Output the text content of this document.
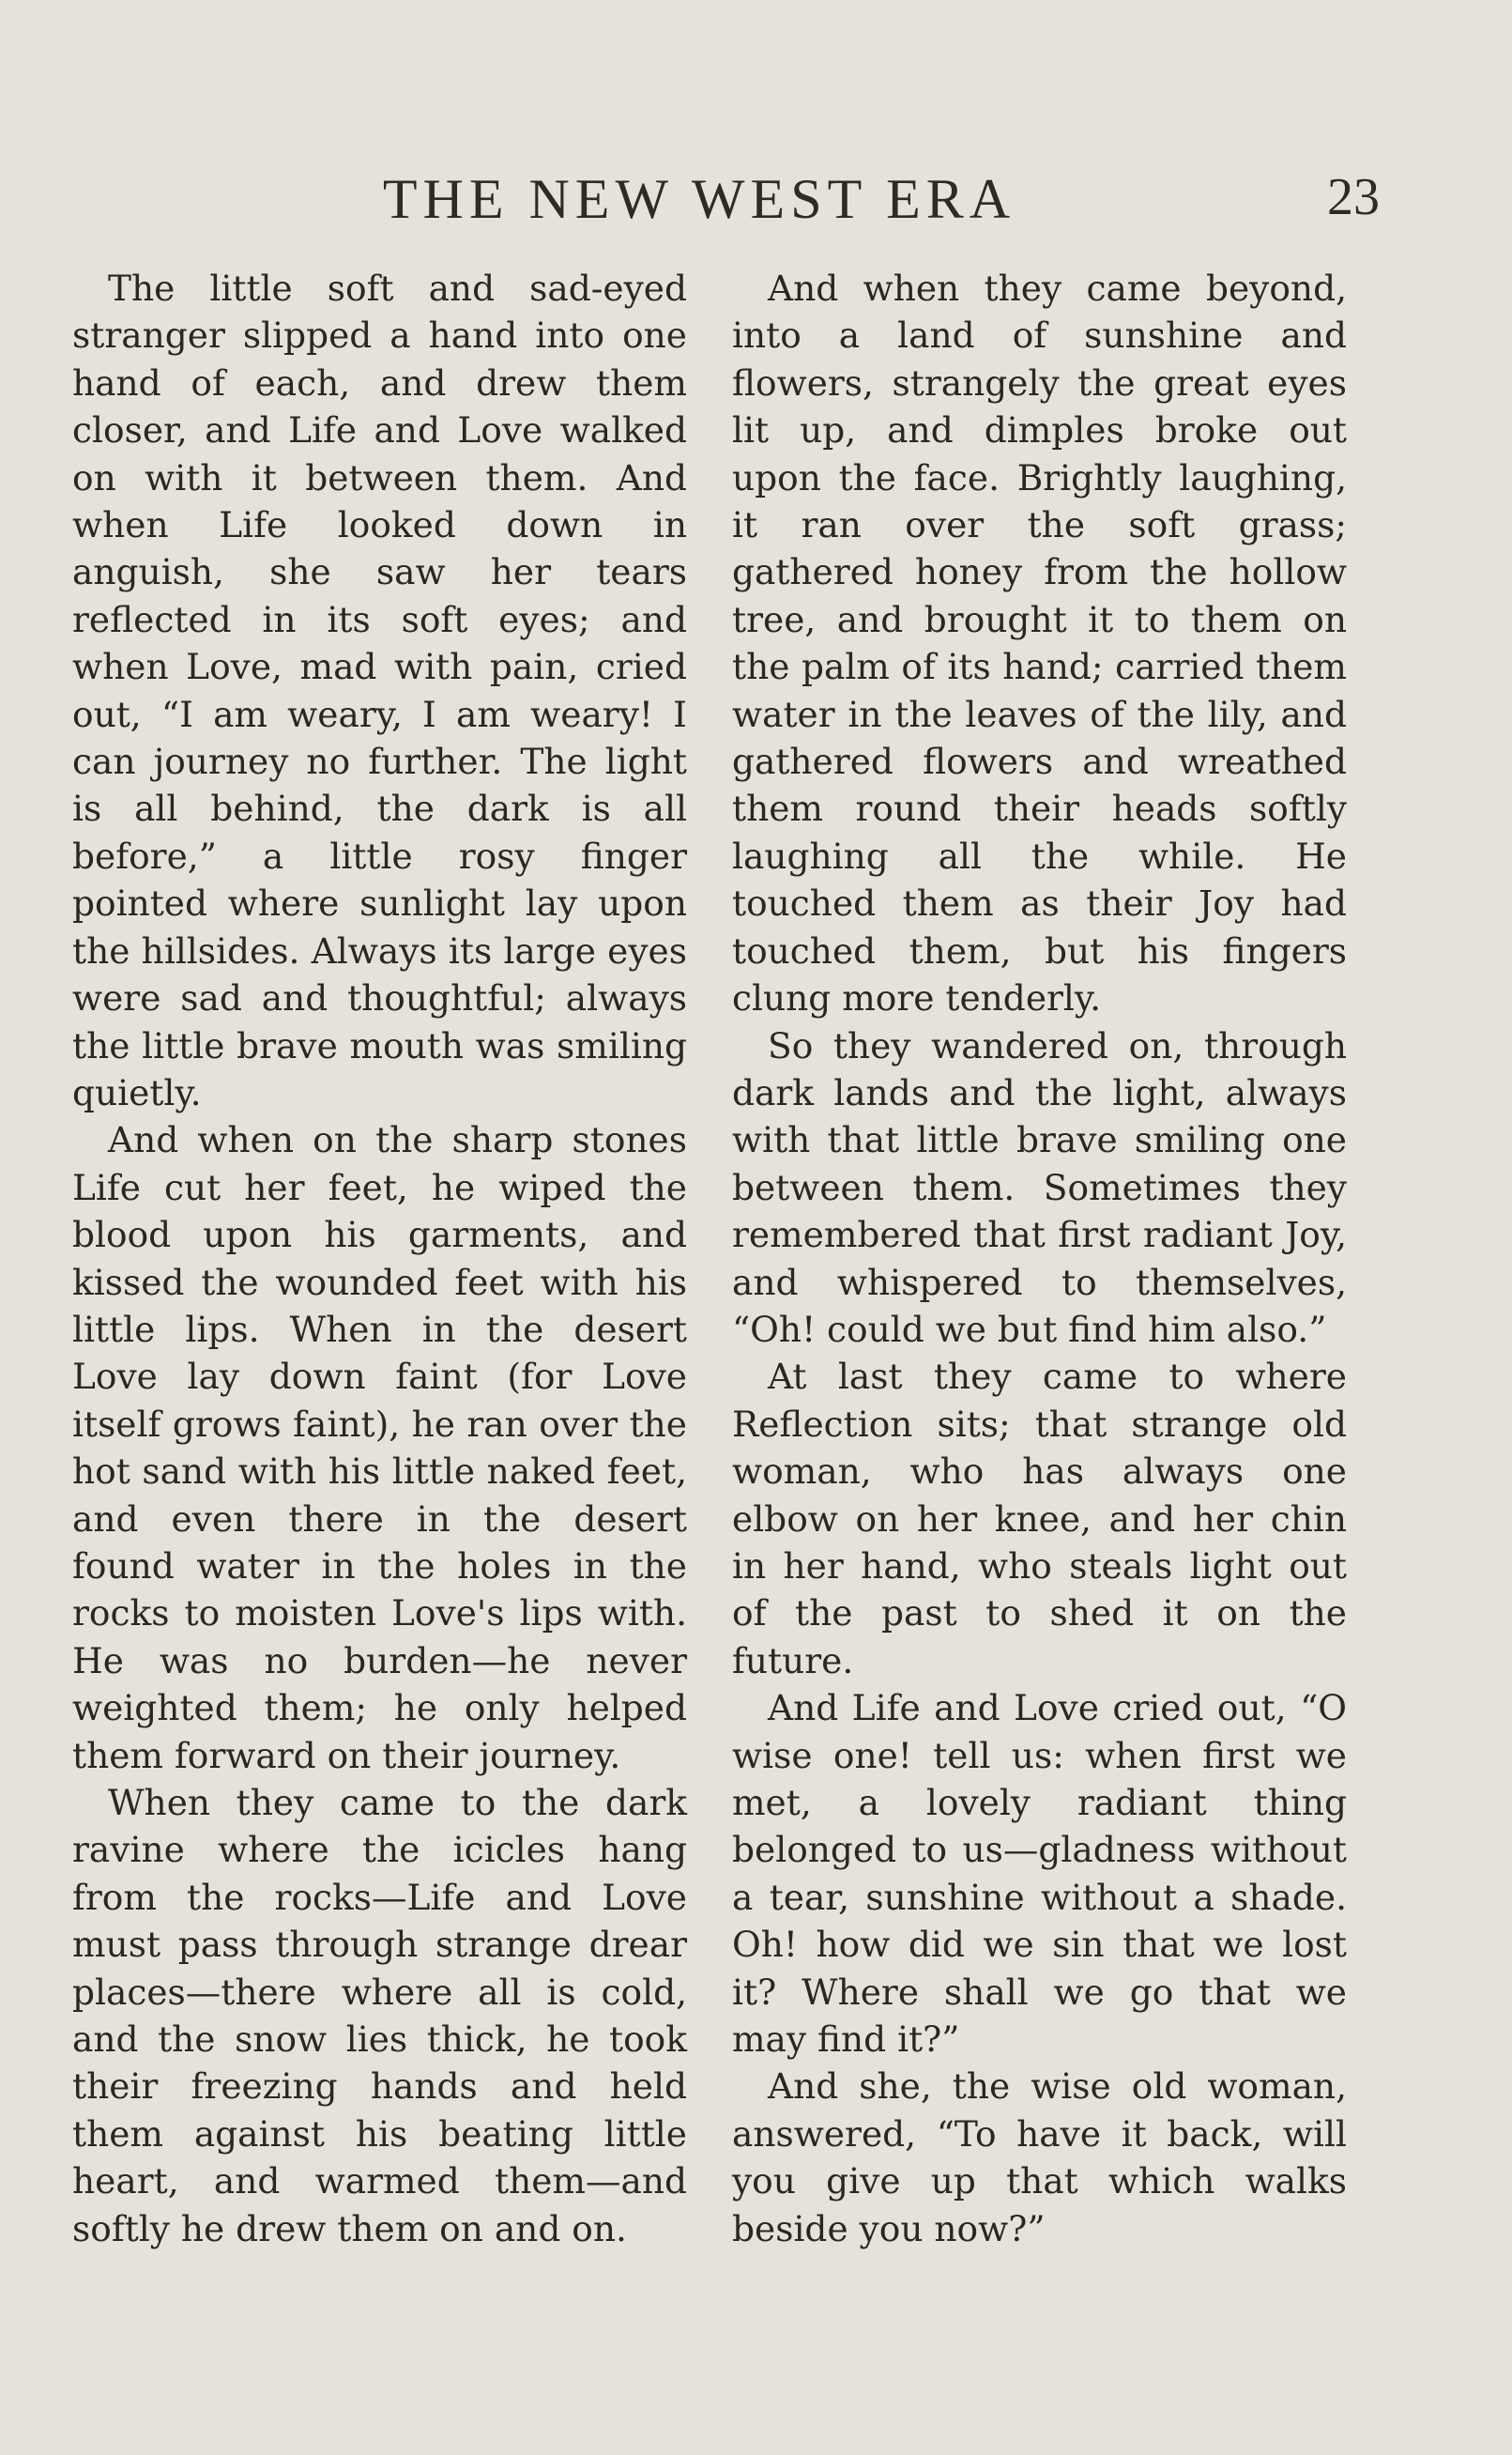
THE NEW WEST ERA	23

The little soft and sad-eyed stranger slipped a hand into one hand of each, and drew them closer, and Life and Love walked on with it between them. And when Life looked down in anguish, she saw her tears reflected in its soft eyes; and when Love, mad with pain, cried out, “I am weary, I am weary! I can journey no further. The light is all behind, the dark is all before,” a little rosy finger pointed where sunlight lay upon the hillsides. Always its large eyes were sad and thoughtful; always the little brave mouth was smiling quietly.

And when on the sharp stones Life cut her feet, he wiped the blood upon his garments, and kissed the wounded feet with his little lips. When in the desert Love lay down faint (for Love itself grows faint), he ran over the hot sand with his little naked feet, and even there in the desert found water in the holes in the rocks to moisten Love's lips with. He was no burden—he never weighted them; he only helped them forward on their journey.

When they came to the dark ravine where the icicles hang from the rocks—Life and Love must pass through strange drear places—there where all is cold, and the snow lies thick, he took their freezing hands and held them against his beating little heart, and warmed them—and softly he drew them on and on.

And when they came beyond, into a land of sunshine and flowers, strangely the great eyes lit up, and dimples broke out upon the face. Brightly laughing, it ran over the soft grass; gathered honey from the hollow tree, and brought it to them on the palm of its hand; carried them water in the leaves of the lily, and gathered flowers and wreathed them round their heads softly laughing all the while. He touched them as their Joy had touched them, but his fingers clung more tenderly.

So they wandered on, through dark lands and the light, always with that little brave smiling one between them. Sometimes they remembered that first radiant Joy, and whispered to themselves, “Oh! could we but find him also.”

At last they came to where Reflection sits; that strange old woman, who has always one elbow on her knee, and her chin in her hand, who steals light out of the past to shed it on the future.

And Life and Love cried out, “O wise one! tell us: when first we met, a lovely radiant thing belonged to us—gladness without a tear, sunshine without a shade. Oh! how did we sin that we lost it? Where shall we go that we may find it?”

And she, the wise old woman, answered, “To have it back, will you give up that which walks beside you now?”
